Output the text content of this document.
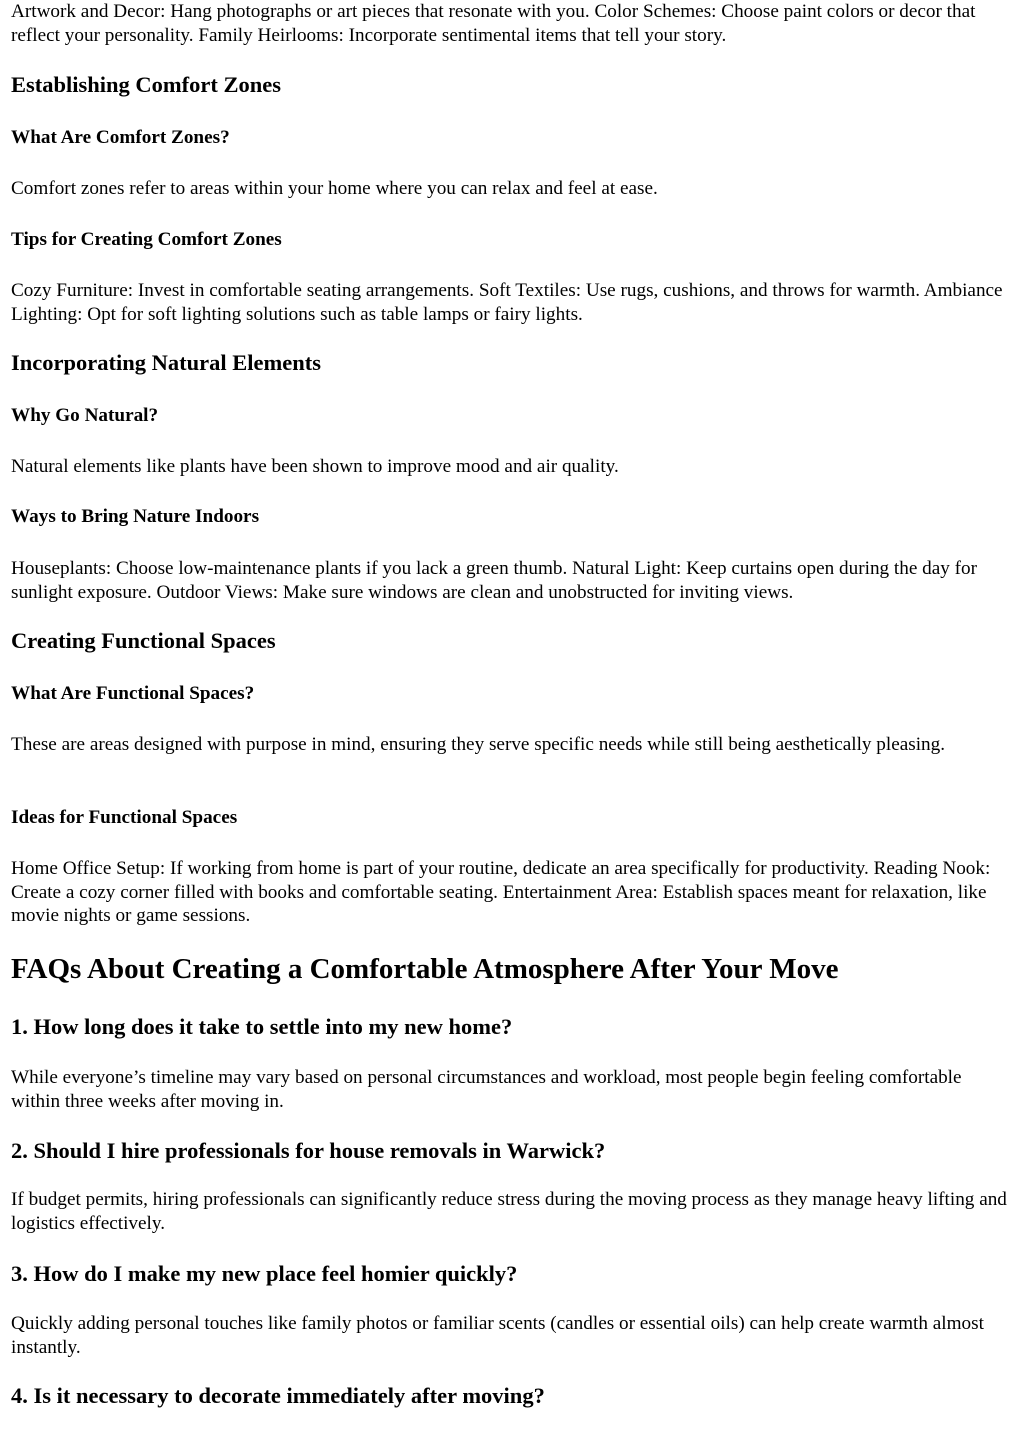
Artwork and Decor: Hang photographs or art pieces that resonate with you. Color Schemes: Choose paint colors or decor that reflect your personality. Family Heirlooms: Incorporate sentimental items that tell your story.

Establishing Comfort Zones
What Are Comfort Zones?

Comfort zones refer to areas within your home where you can relax and feel at ease.

Tips for Creating Comfort Zones

Cozy Furniture: Invest in comfortable seating arrangements. Soft Textiles: Use rugs, cushions, and throws for warmth. Ambiance Lighting: Opt for soft lighting solutions such as table lamps or fairy lights.

Incorporating Natural Elements
Why Go Natural?

Natural elements like plants have been shown to improve mood and air quality.

Ways to Bring Nature Indoors

Houseplants: Choose low-maintenance plants if you lack a green thumb. Natural Light: Keep curtains open during the day for sunlight exposure. Outdoor Views: Make sure windows are clean and unobstructed for inviting views.

Creating Functional Spaces
What Are Functional Spaces?

These are areas designed with purpose in mind, ensuring they serve specific needs while still being aesthetically pleasing.

Ideas for Functional Spaces

Home Office Setup: If working from home is part of your routine, dedicate an area specifically for productivity. Reading Nook: Create a cozy corner filled with books and comfortable seating. Entertainment Area: Establish spaces meant for relaxation, like movie nights or game sessions.

FAQs About Creating a Comfortable Atmosphere After Your Move
1. How long does it take to settle into my new home?

While everyone’s timeline may vary based on personal circumstances and workload, most people begin feeling comfortable within three weeks after moving in.

2. Should I hire professionals for house removals in Warwick?

If budget permits, hiring professionals can significantly reduce stress during the moving process as they manage heavy lifting and logistics effectively.

3. How do I make my new place feel homier quickly?

Quickly adding personal touches like family photos or familiar scents (candles or essential oils) can help create warmth almost instantly.

4. Is it necessary to decorate immediately after moving?
